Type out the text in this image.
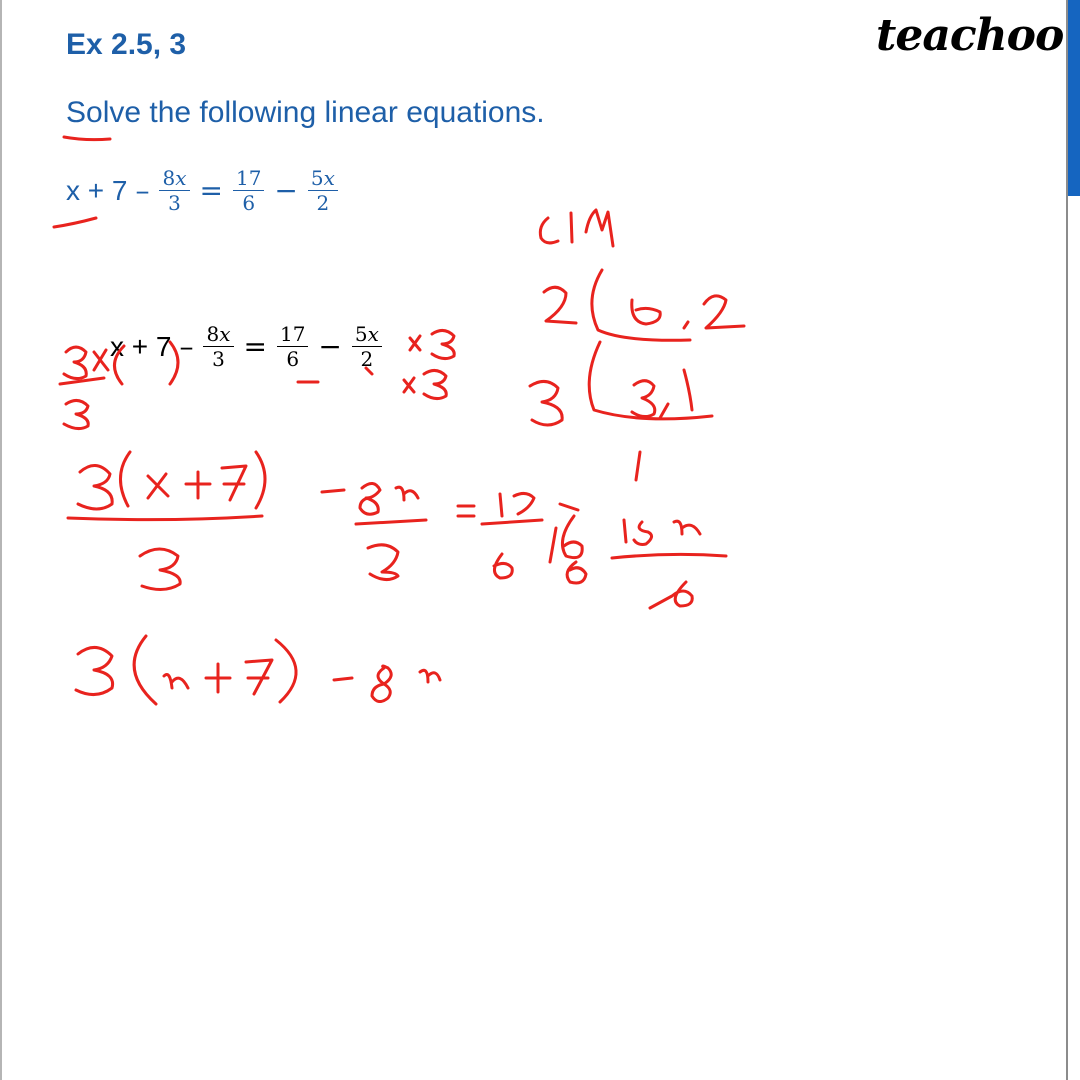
Ex 2.5, 3
Solve the following linear equations.
teachoo
$x + 7 - \frac{\text{8𝑥}}{3} = \frac{17}{6} - \frac{\text{5𝑥}}{2}$
$x + 7 - \frac{\text{8𝑥}}{3} = \frac{17}{6} - \frac{\text{5𝑥}}{2}$
